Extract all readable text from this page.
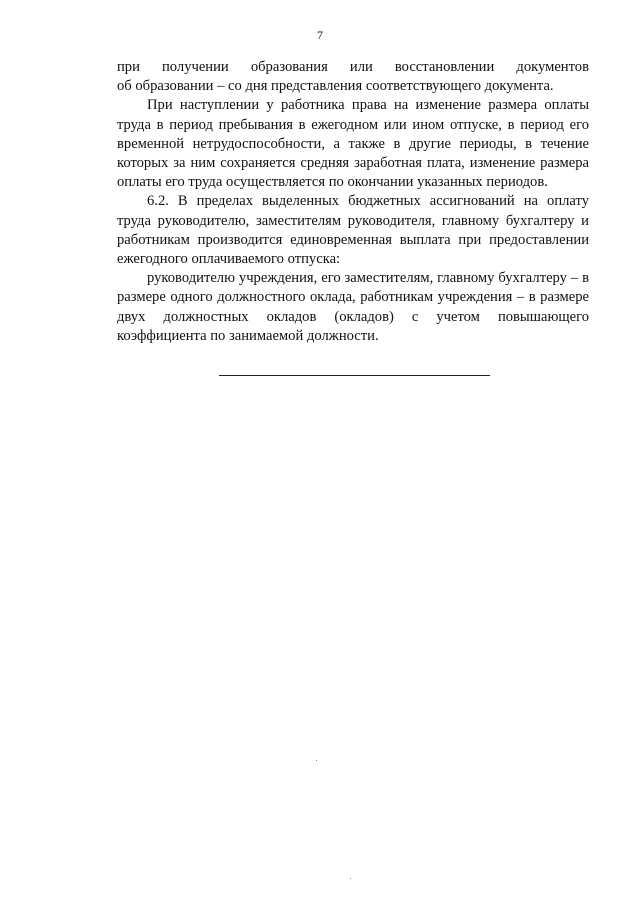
7

при получении образования или восстановлении документов
об образовании – со дня представления соответствующего документа.

При наступлении у работника права на изменение размера оплаты труда в период пребывания в ежегодном или ином отпуске, в период его временной нетрудоспособности, а также в другие периоды, в течение которых за ним сохраняется средняя заработная плата, изменение размера оплаты его труда осуществляется по окончании указанных периодов.

6.2. В пределах выделенных бюджетных ассигнований на оплату труда руководителю, заместителям руководителя, главному бухгалтеру и работникам производится единовременная выплата при предоставлении ежегодного оплачиваемого отпуска:

руководителю учреждения, его заместителям, главному бухгалтеру – в размере одного должностного оклада, работникам учреждения – в размере двух должностных окладов (окладов) с учетом повышающего коэффициента по занимаемой должности.
